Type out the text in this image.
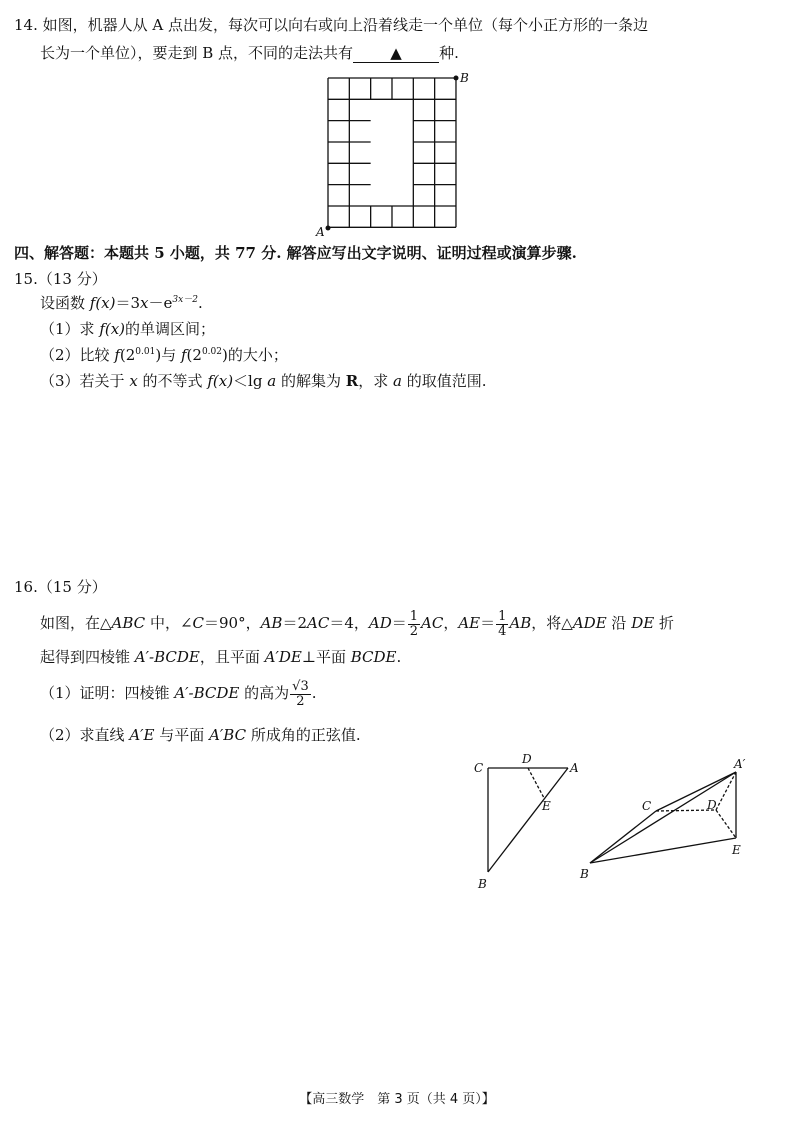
14. 如图，机器人从 A 点出发，每次可以向右或向上沿着线走一个单位（每个小正方形的一条边
长为一个单位），要走到 B 点，不同的走法共有 ▲ 种.
A
B
四、解答题：本题共 5 小题，共 77 分. 解答应写出文字说明、证明过程或演算步骤.
15.（13 分）
设函数 $f(x)=3x-e^{3x-2}$.
（1）求 f(x)的单调区间；
（2）比较 $f(2^{0.01})$与 $f(2^{0.02})$的大小；
（3）若关于 x 的不等式 f(x)＜lg a 的解集为 R，求 a 的取值范围.
16.（15 分）
如图，在△ABC 中，∠C＝90°，AB＝2AC＝4，$AD= \frac{1}{2}$ AC，$AE= \frac{1}{4}$ AB，将△ADE 沿 DE 折
起得到四棱锥 A′-BCDE，且平面 A′DE⊥平面 BCDE.
（1）证明：四棱锥 A′-BCDE 的高为 $\frac{√3}{2}$ .
（2）求直线 A′E 与平面 A′BC 所成角的正弦值.
C
D
A
E
B
A′
C	D
E
B
【高三数学　第 3 页（共 4 页）】
